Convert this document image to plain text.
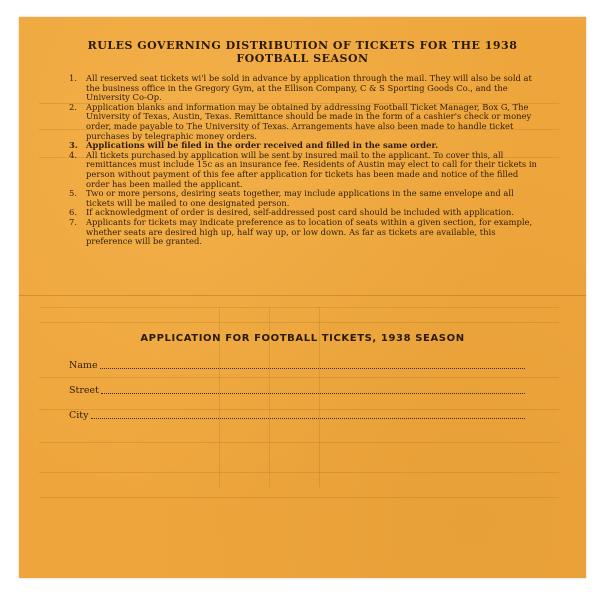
RULES GOVERNING DISTRIBUTION OF TICKETS FOR THE 1938
FOOTBALL SEASON
1. All reserved seat tickets wi'l be sold in advance by application through the mail. They will also be sold at the business office in the Gregory Gym, at the Ellison Company, C & S Sporting Goods Co., and the University Co-Op.
2. Application blanks and information may be obtained by addressing Football Ticket Manager, Box G, The University of Texas, Austin, Texas. Remittance should be made in the form of a cashier's check or money order, made payable to The University of Texas. Arrangements have also been made to handle ticket purchases by telegraphic money orders.
3. Applications will be filed in the order received and filled in the same order.
4. All tickets purchased by application will be sent by insured mail to the applicant. To cover this, all remittances must include 15c as an insurance fee. Residents of Austin may elect to call for their tickets in person without payment of this fee after application for tickets has been made and notice of the filled order has been mailed the applicant.
5. Two or more persons, desiring seats together, may include applications in the same envelope and all tickets will be mailed to one designated person.
6. If acknowledgment of order is desired, self-addressed post card should be included with application.
7. Applicants for tickets may indicate preference as to location of seats within a given section, for example, whether seats are desired high up, half way up, or low down. As far as tickets are available, this preference will be granted.
APPLICATION FOR FOOTBALL TICKETS, 1938 SEASON
Name
Street
City
